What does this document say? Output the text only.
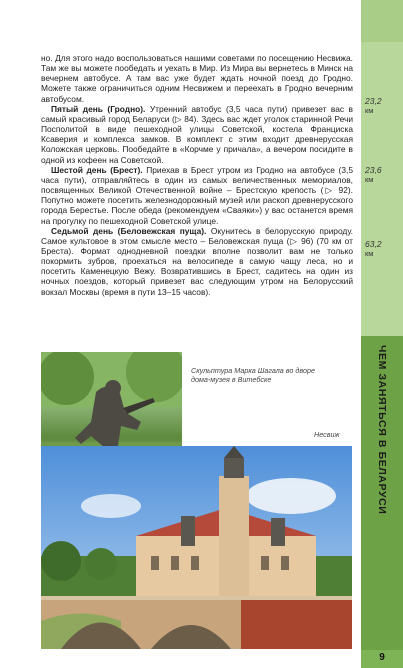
23,2
км
23,6
км
63,2
км
ЧЕМ ЗАНЯТЬСЯ В БЕЛАРУСИ
9

но. Для этого надо воспользоваться нашими советами по посещению Несвижа. Там же вы можете пообедать и уехать в Мир. Из Мира вы вернетесь в Минск на вечернем автобусе. А там вас уже будет ждать ночной поезд до Гродно. Можете также ограничиться одним Несвижем и переехать в Гродно вечерним автобусом.

Пятый день (Гродно). Утренний автобус (3,5 часа пути) привезет вас в самый красивый город Беларуси (▷ 84). Здесь вас ждет уголок старинной Речи Посполитой в виде пешеходной улицы Советской, костела Франциска Ксаверия и комплекса замков. В комплект с этим входит древнерусская Коложская церковь. Пообедайте в «Корчме у причала», а вечером посидите в одной из кофеен на Советской.

Шестой день (Брест). Приехав в Брест утром из Гродно на автобусе (3,5 часа пути), отправляйтесь в один из самых величественных мемориалов, посвященных Великой Отечественной войне – Брестскую крепость (▷ 92). Попутно можете посетить железнодорожный музей или раскоп древнерусского города Берестье. После обеда (рекомендуем «Сваяки») у вас останется время на прогулку по пешеходной Советской улице.

Седьмой день (Беловежская пуща). Окунитесь в белорусскую природу. Самое культовое в этом смысле место – Беловежская пуща (▷ 96) (70 км от Бреста). Формат однодневной поездки вполне позволит вам не только покормить зубров, проехаться на велосипеде в самую чащу леса, но и посетить Каменецкую Вежу. Возвратившись в Брест, садитесь на один из ночных поездов, который привезет вас следующим утром на Белорусский вокзал Москвы (время в пути 13–15 часов).

Скульптура Марка Шагала во дворе дома-музея в Витебске
Несвиж
